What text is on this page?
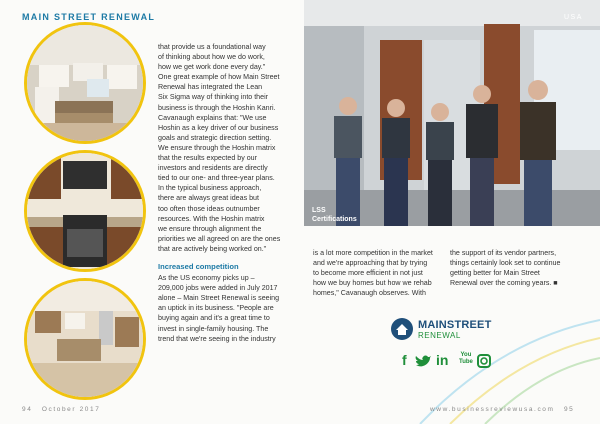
MAIN STREET RENEWAL

that provide us a foundational way
of thinking about how we do work,
how we get work done every day."
One great example of how Main Street
Renewal has integrated the Lean
Six Sigma way of thinking into their
business is through the Hoshin Kanri.
Cavanaugh explains that: "We use
Hoshin as a key driver of our business
goals and strategic direction setting.
We ensure through the Hoshin matrix
that the results expected by our
investors and residents are directly
tied to our one- and three-year plans.
In the typical business approach,
there are always great ideas but
too often those ideas outnumber
resources. With the Hoshin matrix
we ensure through alignment the
priorities we all agreed on are the ones
that are actively being worked on."

Increased competition

As the US economy picks up –
209,000 jobs were added in July 2017
alone – Main Street Renewal is seeing
an uptick in its business. "People are
buying again and it's a great time to
invest in single-family housing. The
trend that we're seeing in the industry

USA
LSS
Certifications

is a lot more competition in the market
and we're approaching that by trying
to become more efficient in not just
how we buy homes but how we rehab
homes," Cavanaugh observes. With

the support of its vendor partners,
things certainly look set to continue
getting better for Main Street
Renewal over the coming years. ■

MAINSTREET
RENEWAL
f in You
Tube
94 October 2017	www.businessreviewusa.com 95
